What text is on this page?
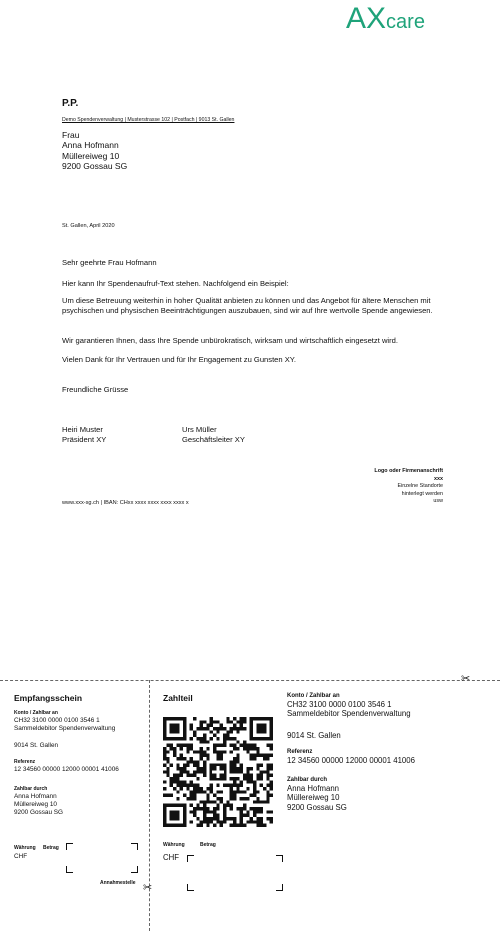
AXcare
P.P.
Demo Spendenverwaltung | Musterstrasse 102 | Postfach | 9013 St. Gallen
Frau
Anna Hofmann
Müllereiweg 10
9200 Gossau SG
St. Gallen, April 2020
Sehr geehrte Frau Hofmann
Hier kann Ihr Spendenaufruf-Text stehen. Nachfolgend ein Beispiel:
Um diese Betreuung weiterhin in hoher Qualität anbieten zu können und das Angebot für ältere Menschen mit psychischen und physischen Beeinträchtigungen auszubauen, sind wir auf Ihre wertvolle Spende angewiesen.
Wir garantieren Ihnen, dass Ihre Spende unbürokratisch, wirksam und wirtschaftlich eingesetzt wird.
Vielen Dank für Ihr Vertrauen und für Ihr Engagement zu Gunsten XY.
Freundliche Grüsse
Heiri Muster
Präsident XY
Urs Müller
Geschäftsleiter XY
Logo oder Firmenanschrift
xxx
Einzelne Standorte
hinterlegt werden
usw
www.xxx-sg.ch | IBAN: CHxx xxxx xxxx xxxx xxxx x
✂
✂
Empfangsschein
Konto / Zahlbar an
CH32 3100 0000 0100 3546 1
Sammeldebitor Spendenverwaltung
9014 St. Gallen
Referenz
12 34560 00000 12000 00001 41006
Zahlbar durch
Anna Hofmann
Müllereiweg 10
9200 Gossau SG
Währung Betrag
CHF
Annahmestelle
Zahlteil
Währung	Betrag
CHF
Konto / Zahlbar an
CH32 3100 0000 0100 3546 1
Sammeldebitor Spendenverwaltung
9014 St. Gallen
Referenz
12 34560 00000 12000 00001 41006
Zahlbar durch
Anna Hofmann
Müllereiweg 10
9200 Gossau SG
